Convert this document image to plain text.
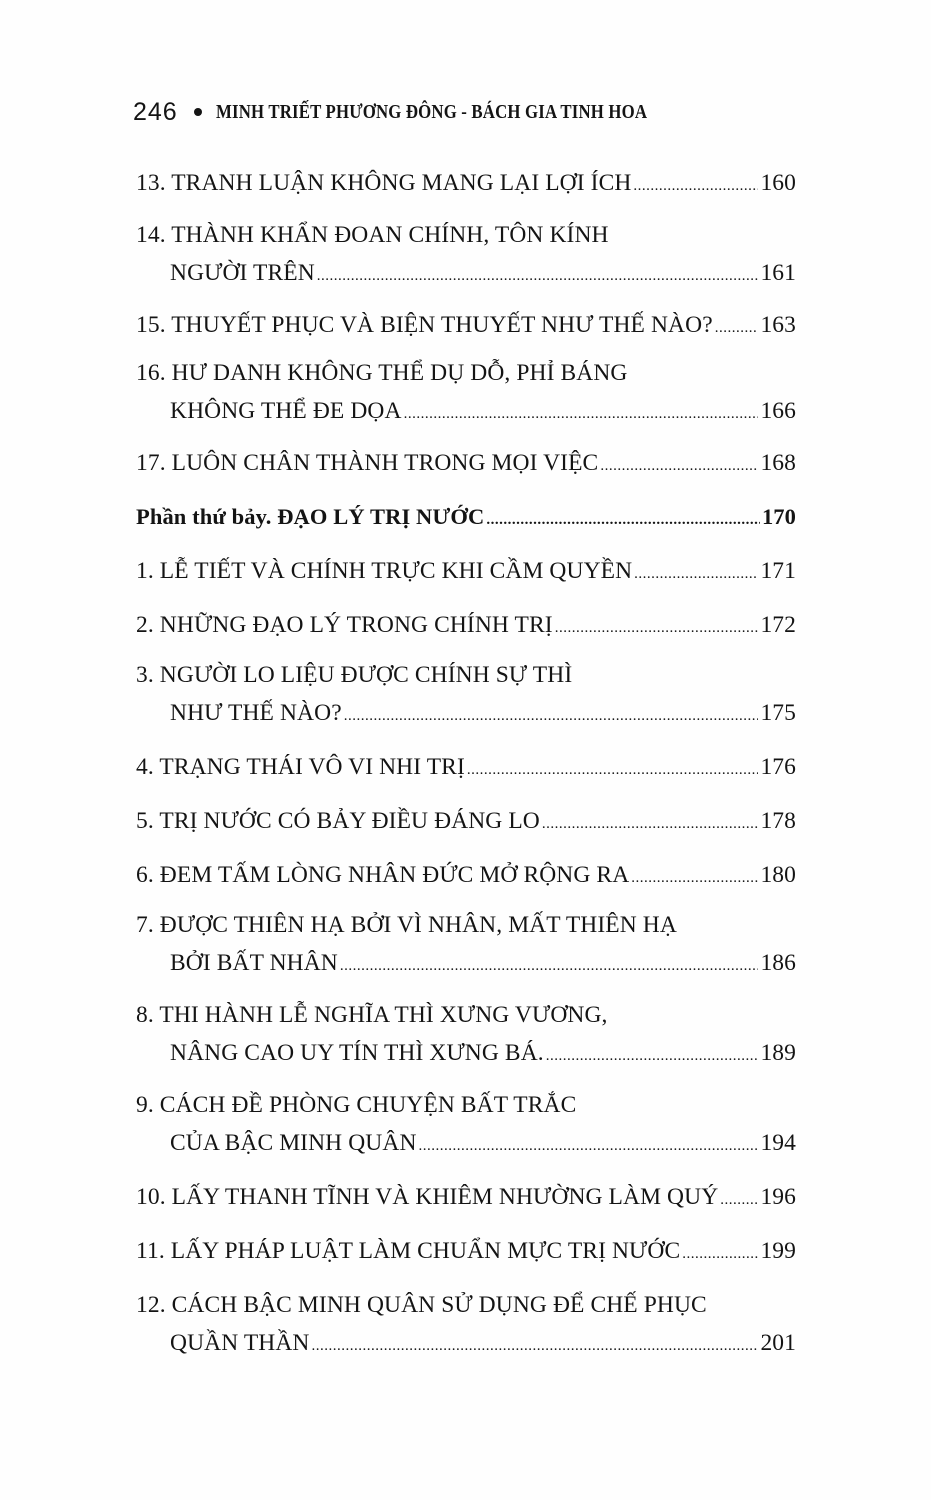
246 MINH TRIẾT PHƯƠNG ĐÔNG - BÁCH GIA TINH HOA
13. TRANH LUẬN KHÔNG MANG LẠI LỢI ÍCH .....	160
14. THÀNH KHẨN ĐOAN CHÍNH, TÔN KÍNH
NGƯỜI TRÊN .....	161
15. THUYẾT PHỤC VÀ BIỆN THUYẾT NHƯ THẾ NÀO? ..... 163
16. HƯ DANH KHÔNG THỂ DỤ DỖ, PHỈ BÁNG
KHÔNG THỂ ĐE DỌA .....	166
17. LUÔN CHÂN THÀNH TRONG MỌI VIỆC .....	168
Phần thứ bảy. ĐẠO LÝ TRỊ NƯỚC .....	170
1. LỄ TIẾT VÀ CHÍNH TRỰC KHI CẦM QUYỀN .....	171
2. NHỮNG ĐẠO LÝ TRONG CHÍNH TRỊ .....	172
3. NGƯỜI LO LIỆU ĐƯỢC CHÍNH SỰ THÌ
NHƯ THẾ NÀO? .....	175
4. TRẠNG THÁI VÔ VI NHI TRỊ .....	176
5. TRỊ NƯỚC CÓ BẢY ĐIỀU ĐÁNG LO .....	178
6. ĐEM TẤM LÒNG NHÂN ĐỨC MỞ RỘNG RA .....	180
7. ĐƯỢC THIÊN HẠ BỞI VÌ NHÂN, MẤT THIÊN HẠ
BỞI BẤT NHÂN .....	186
8. THI HÀNH LỄ NGHĨA THÌ XƯNG VƯƠNG,
NÂNG CAO UY TÍN THÌ XƯNG BÁ. .....	189
9. CÁCH ĐỀ PHÒNG CHUYỆN BẤT TRẮC
CỦA BẬC MINH QUÂN .....	194
10. LẤY THANH TĨNH VÀ KHIÊM NHƯỜNG LÀM QUÝ ..... 196
11. LẤY PHÁP LUẬT LÀM CHUẨN MỰC TRỊ NƯỚC .....	199
12. CÁCH BẬC MINH QUÂN SỬ DỤNG ĐỂ CHẾ PHỤC
QUẦN THẦN .....	201
